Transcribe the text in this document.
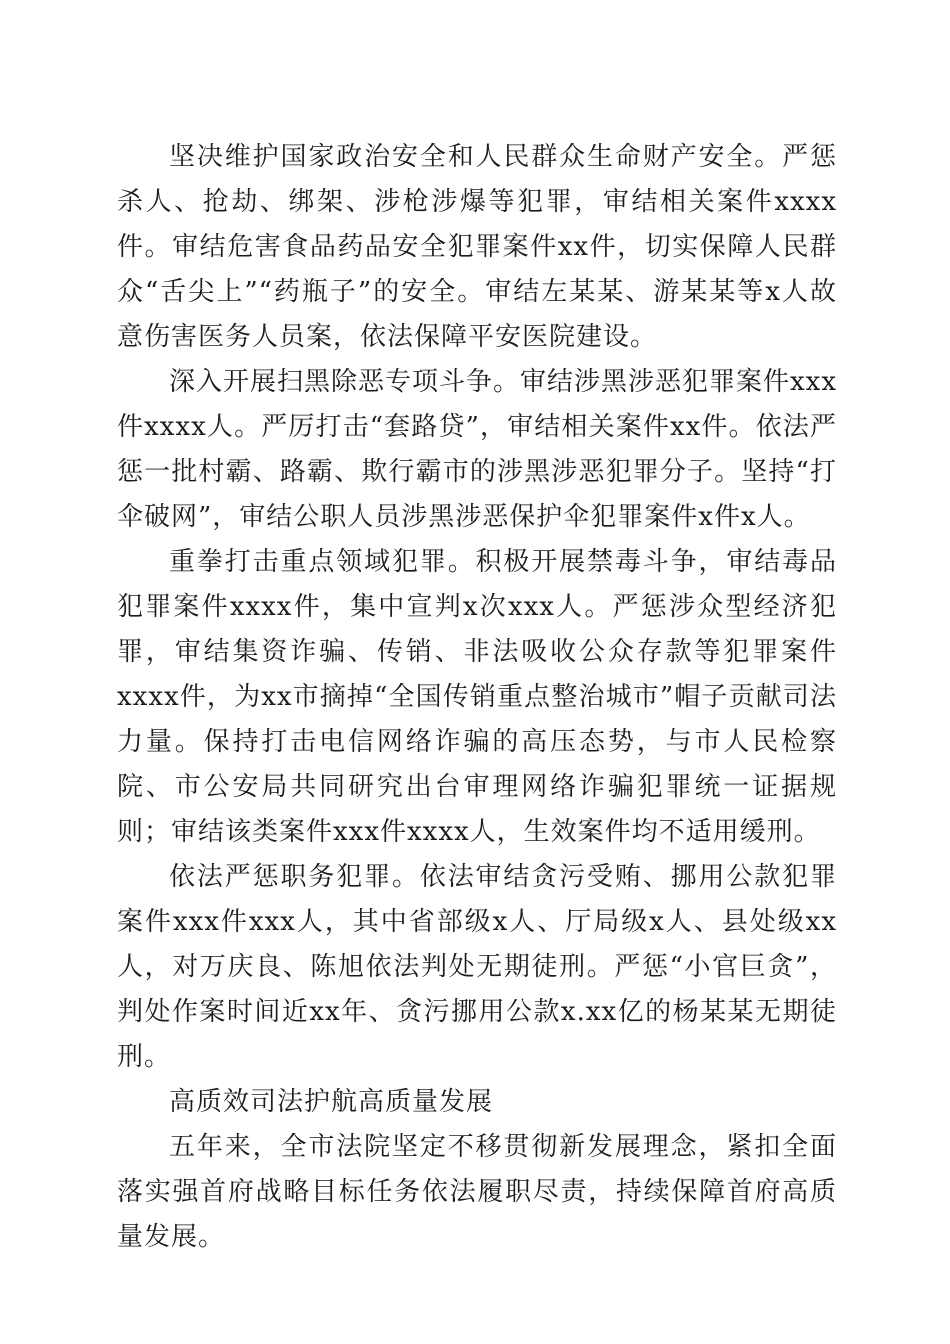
坚决维护国家政治安全和人民群众生命财产安全。严惩杀人、抢劫、绑架、涉枪涉爆等犯罪，审结相关案件xxxx件。审结危害食品药品安全犯罪案件xx件，切实保障人民群众“舌尖上”“药瓶子”的安全。审结左某某、游某某等x人故意伤害医务人员案，依法保障平安医院建设。

深入开展扫黑除恶专项斗争。审结涉黑涉恶犯罪案件xxx件xxxx人。严厉打击“套路贷”，审结相关案件xx件。依法严惩一批村霸、路霸、欺行霸市的涉黑涉恶犯罪分子。坚持“打伞破网”，审结公职人员涉黑涉恶保护伞犯罪案件x件x人。

重拳打击重点领域犯罪。积极开展禁毒斗争，审结毒品犯罪案件xxxx件，集中宣判x次xxx人。严惩涉众型经济犯罪，审结集资诈骗、传销、非法吸收公众存款等犯罪案件xxxx件，为xx市摘掉“全国传销重点整治城市”帽子贡献司法力量。保持打击电信网络诈骗的高压态势，与市人民检察院、市公安局共同研究出台审理网络诈骗犯罪统一证据规则；审结该类案件xxx件xxxx人，生效案件均不适用缓刑。

依法严惩职务犯罪。依法审结贪污受贿、挪用公款犯罪案件xxx件xxx人，其中省部级x人、厅局级x人、县处级xx人，对万庆良、陈旭依法判处无期徒刑。严惩“小官巨贪”，判处作案时间近xx年、贪污挪用公款x.xx亿的杨某某无期徒刑。

高质效司法护航高质量发展

五年来，全市法院坚定不移贯彻新发展理念，紧扣全面落实强首府战略目标任务依法履职尽责，持续保障首府高质量发展。
